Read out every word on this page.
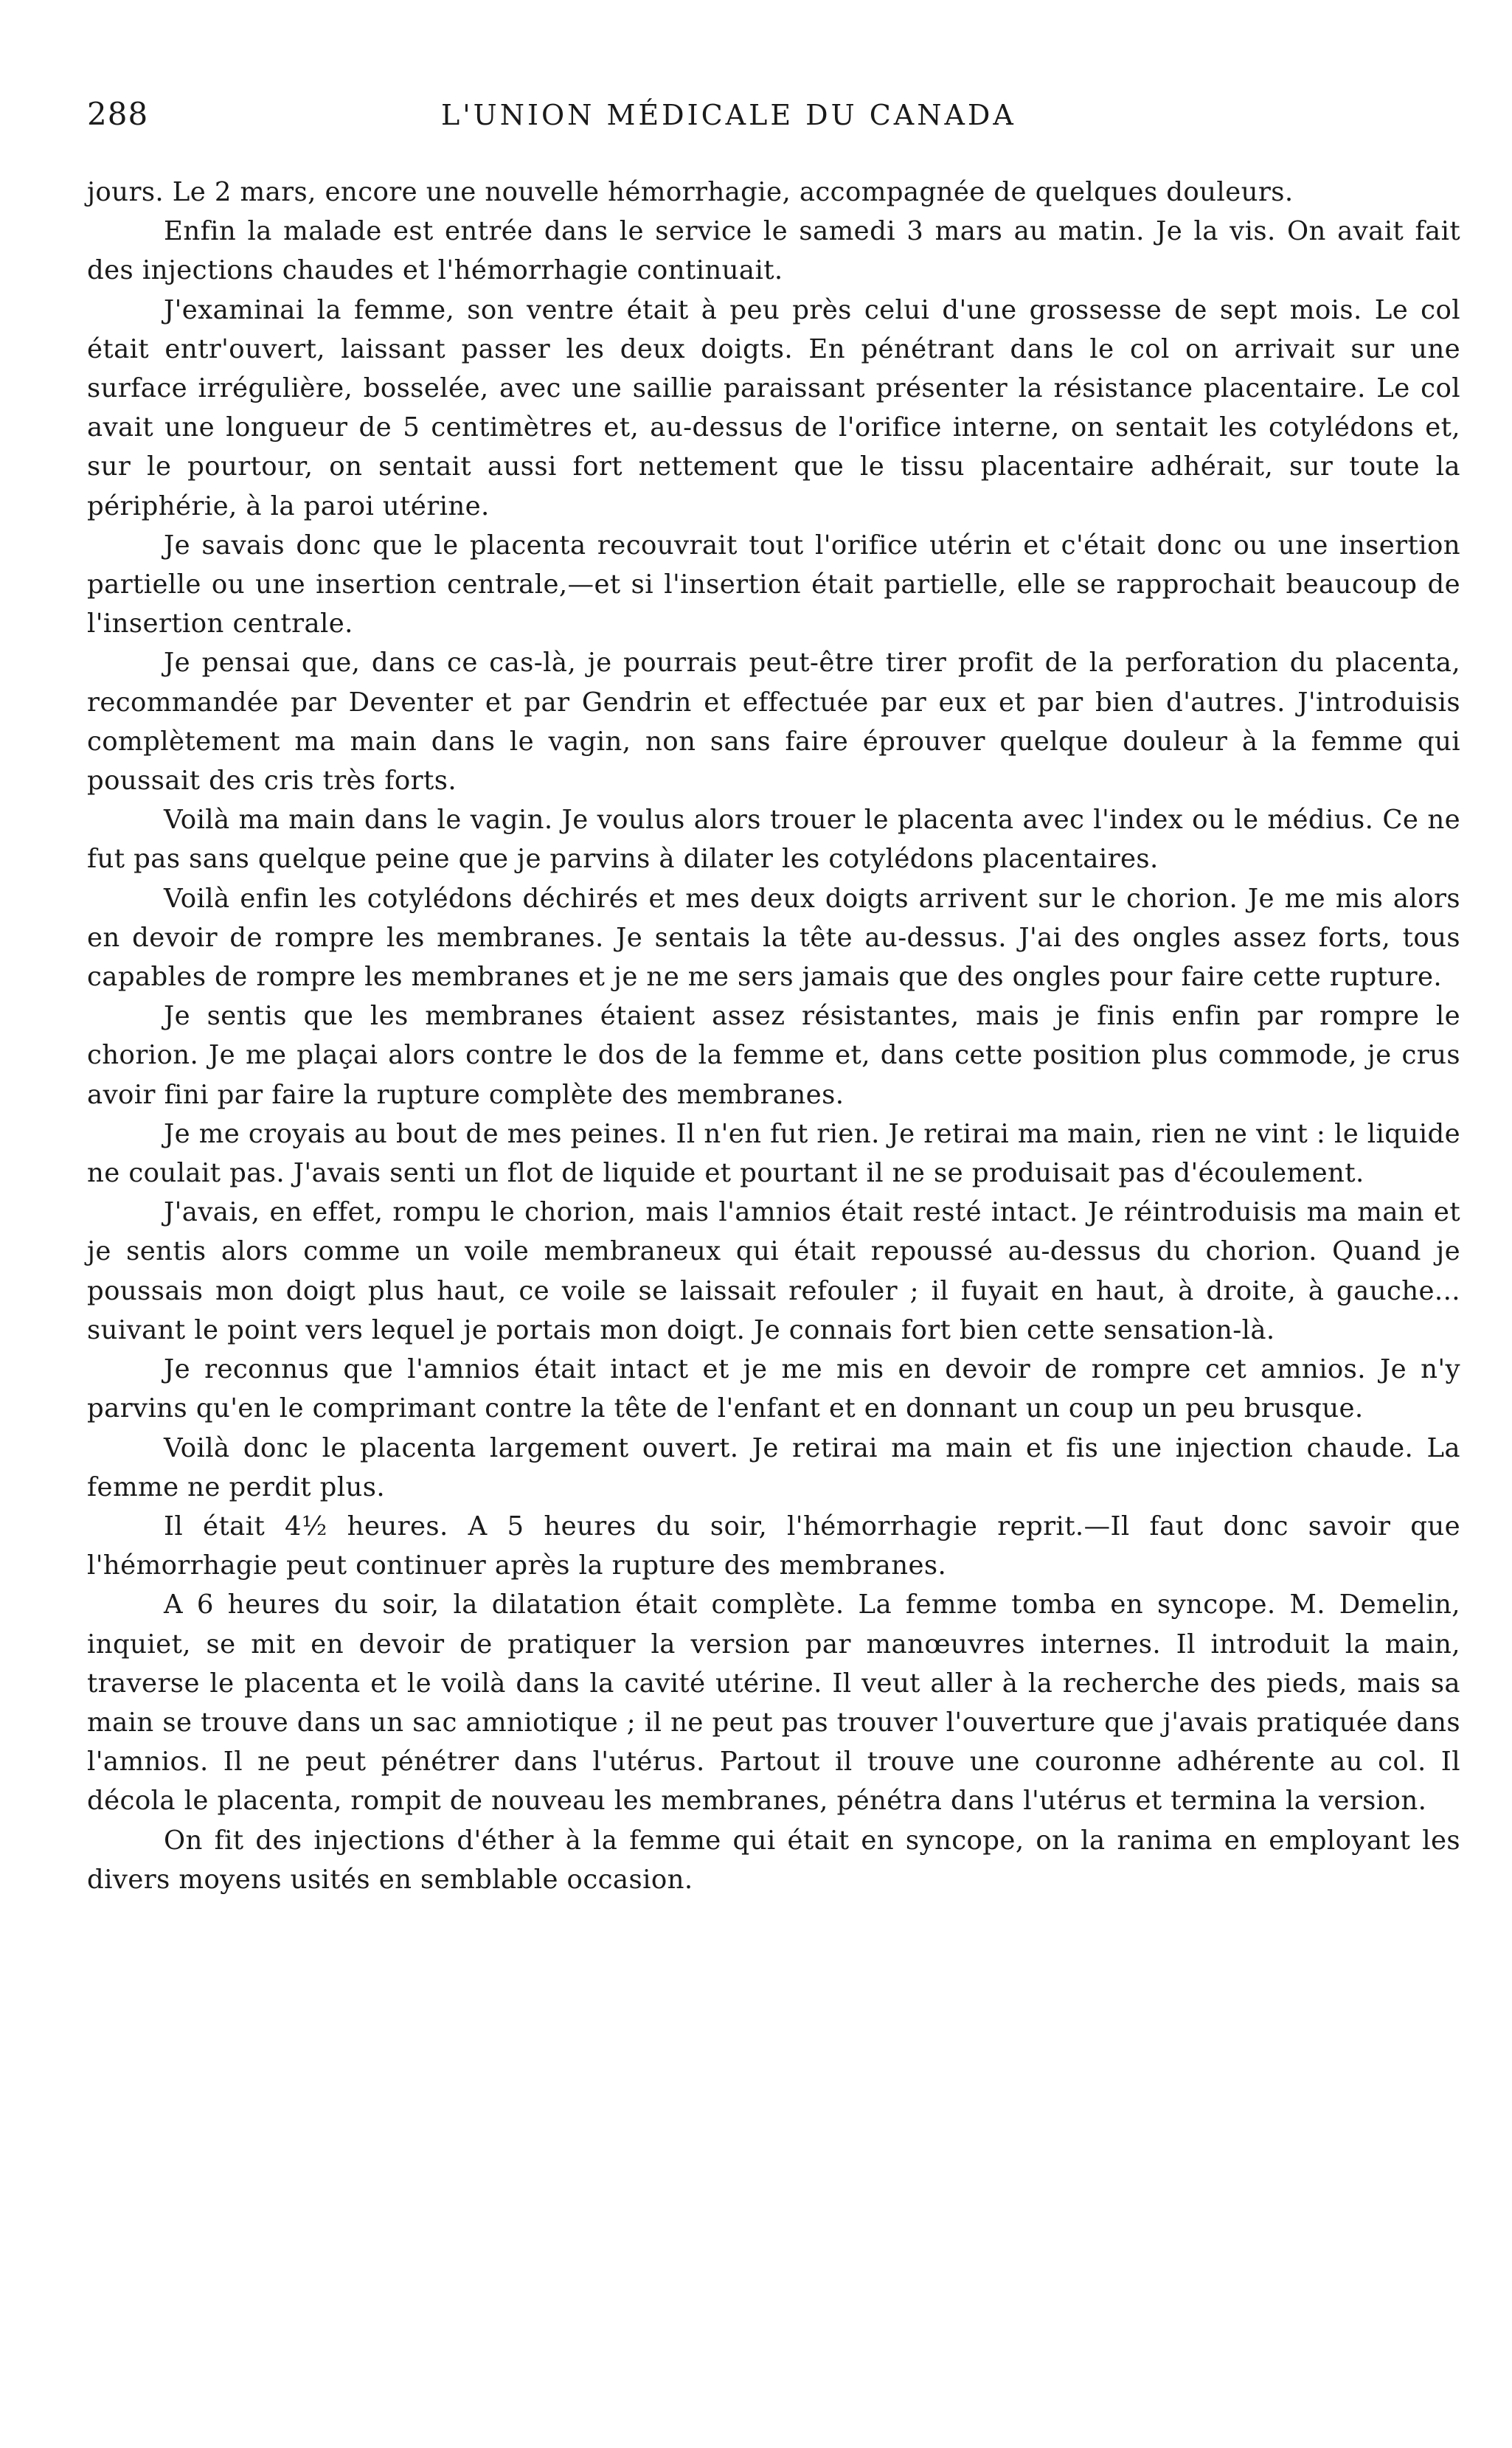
288	L'UNION MÉDICALE DU CANADA

jours. Le 2 mars, encore une nouvelle hémorrhagie, accompagnée de quelques douleurs.

Enfin la malade est entrée dans le service le samedi 3 mars au matin. Je la vis. On avait fait des injections chaudes et l'hémorrhagie continuait.

J'examinai la femme, son ventre était à peu près celui d'une grossesse de sept mois. Le col était entr'ouvert, laissant passer les deux doigts. En pénétrant dans le col on arrivait sur une surface irrégulière, bosselée, avec une saillie paraissant présenter la résistance placentaire. Le col avait une longueur de 5 centimètres et, au-dessus de l'orifice interne, on sentait les cotylédons et, sur le pourtour, on sentait aussi fort nettement que le tissu placentaire adhérait, sur toute la périphérie, à la paroi utérine.

Je savais donc que le placenta recouvrait tout l'orifice utérin et c'était donc ou une insertion partielle ou une insertion centrale,—et si l'insertion était partielle, elle se rapprochait beaucoup de l'insertion centrale.

Je pensai que, dans ce cas-là, je pourrais peut-être tirer profit de la perforation du placenta, recommandée par Deventer et par Gendrin et effectuée par eux et par bien d'autres. J'introduisis complètement ma main dans le vagin, non sans faire éprouver quelque douleur à la femme qui poussait des cris très forts.

Voilà ma main dans le vagin. Je voulus alors trouer le placenta avec l'index ou le médius. Ce ne fut pas sans quelque peine que je parvins à dilater les cotylédons placentaires.

Voilà enfin les cotylédons déchirés et mes deux doigts arrivent sur le chorion. Je me mis alors en devoir de rompre les membranes. Je sentais la tête au-dessus. J'ai des ongles assez forts, tous capables de rompre les membranes et je ne me sers jamais que des ongles pour faire cette rupture.

Je sentis que les membranes étaient assez résistantes, mais je finis enfin par rompre le chorion. Je me plaçai alors contre le dos de la femme et, dans cette position plus commode, je crus avoir fini par faire la rupture complète des membranes.

Je me croyais au bout de mes peines. Il n'en fut rien. Je retirai ma main, rien ne vint : le liquide ne coulait pas. J'avais senti un flot de liquide et pourtant il ne se produisait pas d'écoulement.

J'avais, en effet, rompu le chorion, mais l'amnios était resté intact. Je réintroduisis ma main et je sentis alors comme un voile membraneux qui était repoussé au-dessus du chorion. Quand je poussais mon doigt plus haut, ce voile se laissait refouler ; il fuyait en haut, à droite, à gauche... suivant le point vers lequel je portais mon doigt. Je connais fort bien cette sensation-là.

Je reconnus que l'amnios était intact et je me mis en devoir de rompre cet amnios. Je n'y parvins qu'en le comprimant contre la tête de l'enfant et en donnant un coup un peu brusque.

Voilà donc le placenta largement ouvert. Je retirai ma main et fis une injection chaude. La femme ne perdit plus.

Il était 4½ heures. A 5 heures du soir, l'hémorrhagie reprit.—Il faut donc savoir que l'hémorrhagie peut continuer après la rupture des membranes.

A 6 heures du soir, la dilatation était complète. La femme tomba en syncope. M. Demelin, inquiet, se mit en devoir de pratiquer la version par manœuvres internes. Il introduit la main, traverse le placenta et le voilà dans la cavité utérine. Il veut aller à la recherche des pieds, mais sa main se trouve dans un sac amniotique ; il ne peut pas trouver l'ouverture que j'avais pratiquée dans l'amnios. Il ne peut pénétrer dans l'utérus. Partout il trouve une couronne adhérente au col. Il décola le placenta, rompit de nouveau les membranes, pénétra dans l'utérus et termina la version.

On fit des injections d'éther à la femme qui était en syncope, on la ranima en employant les divers moyens usités en semblable occasion.
